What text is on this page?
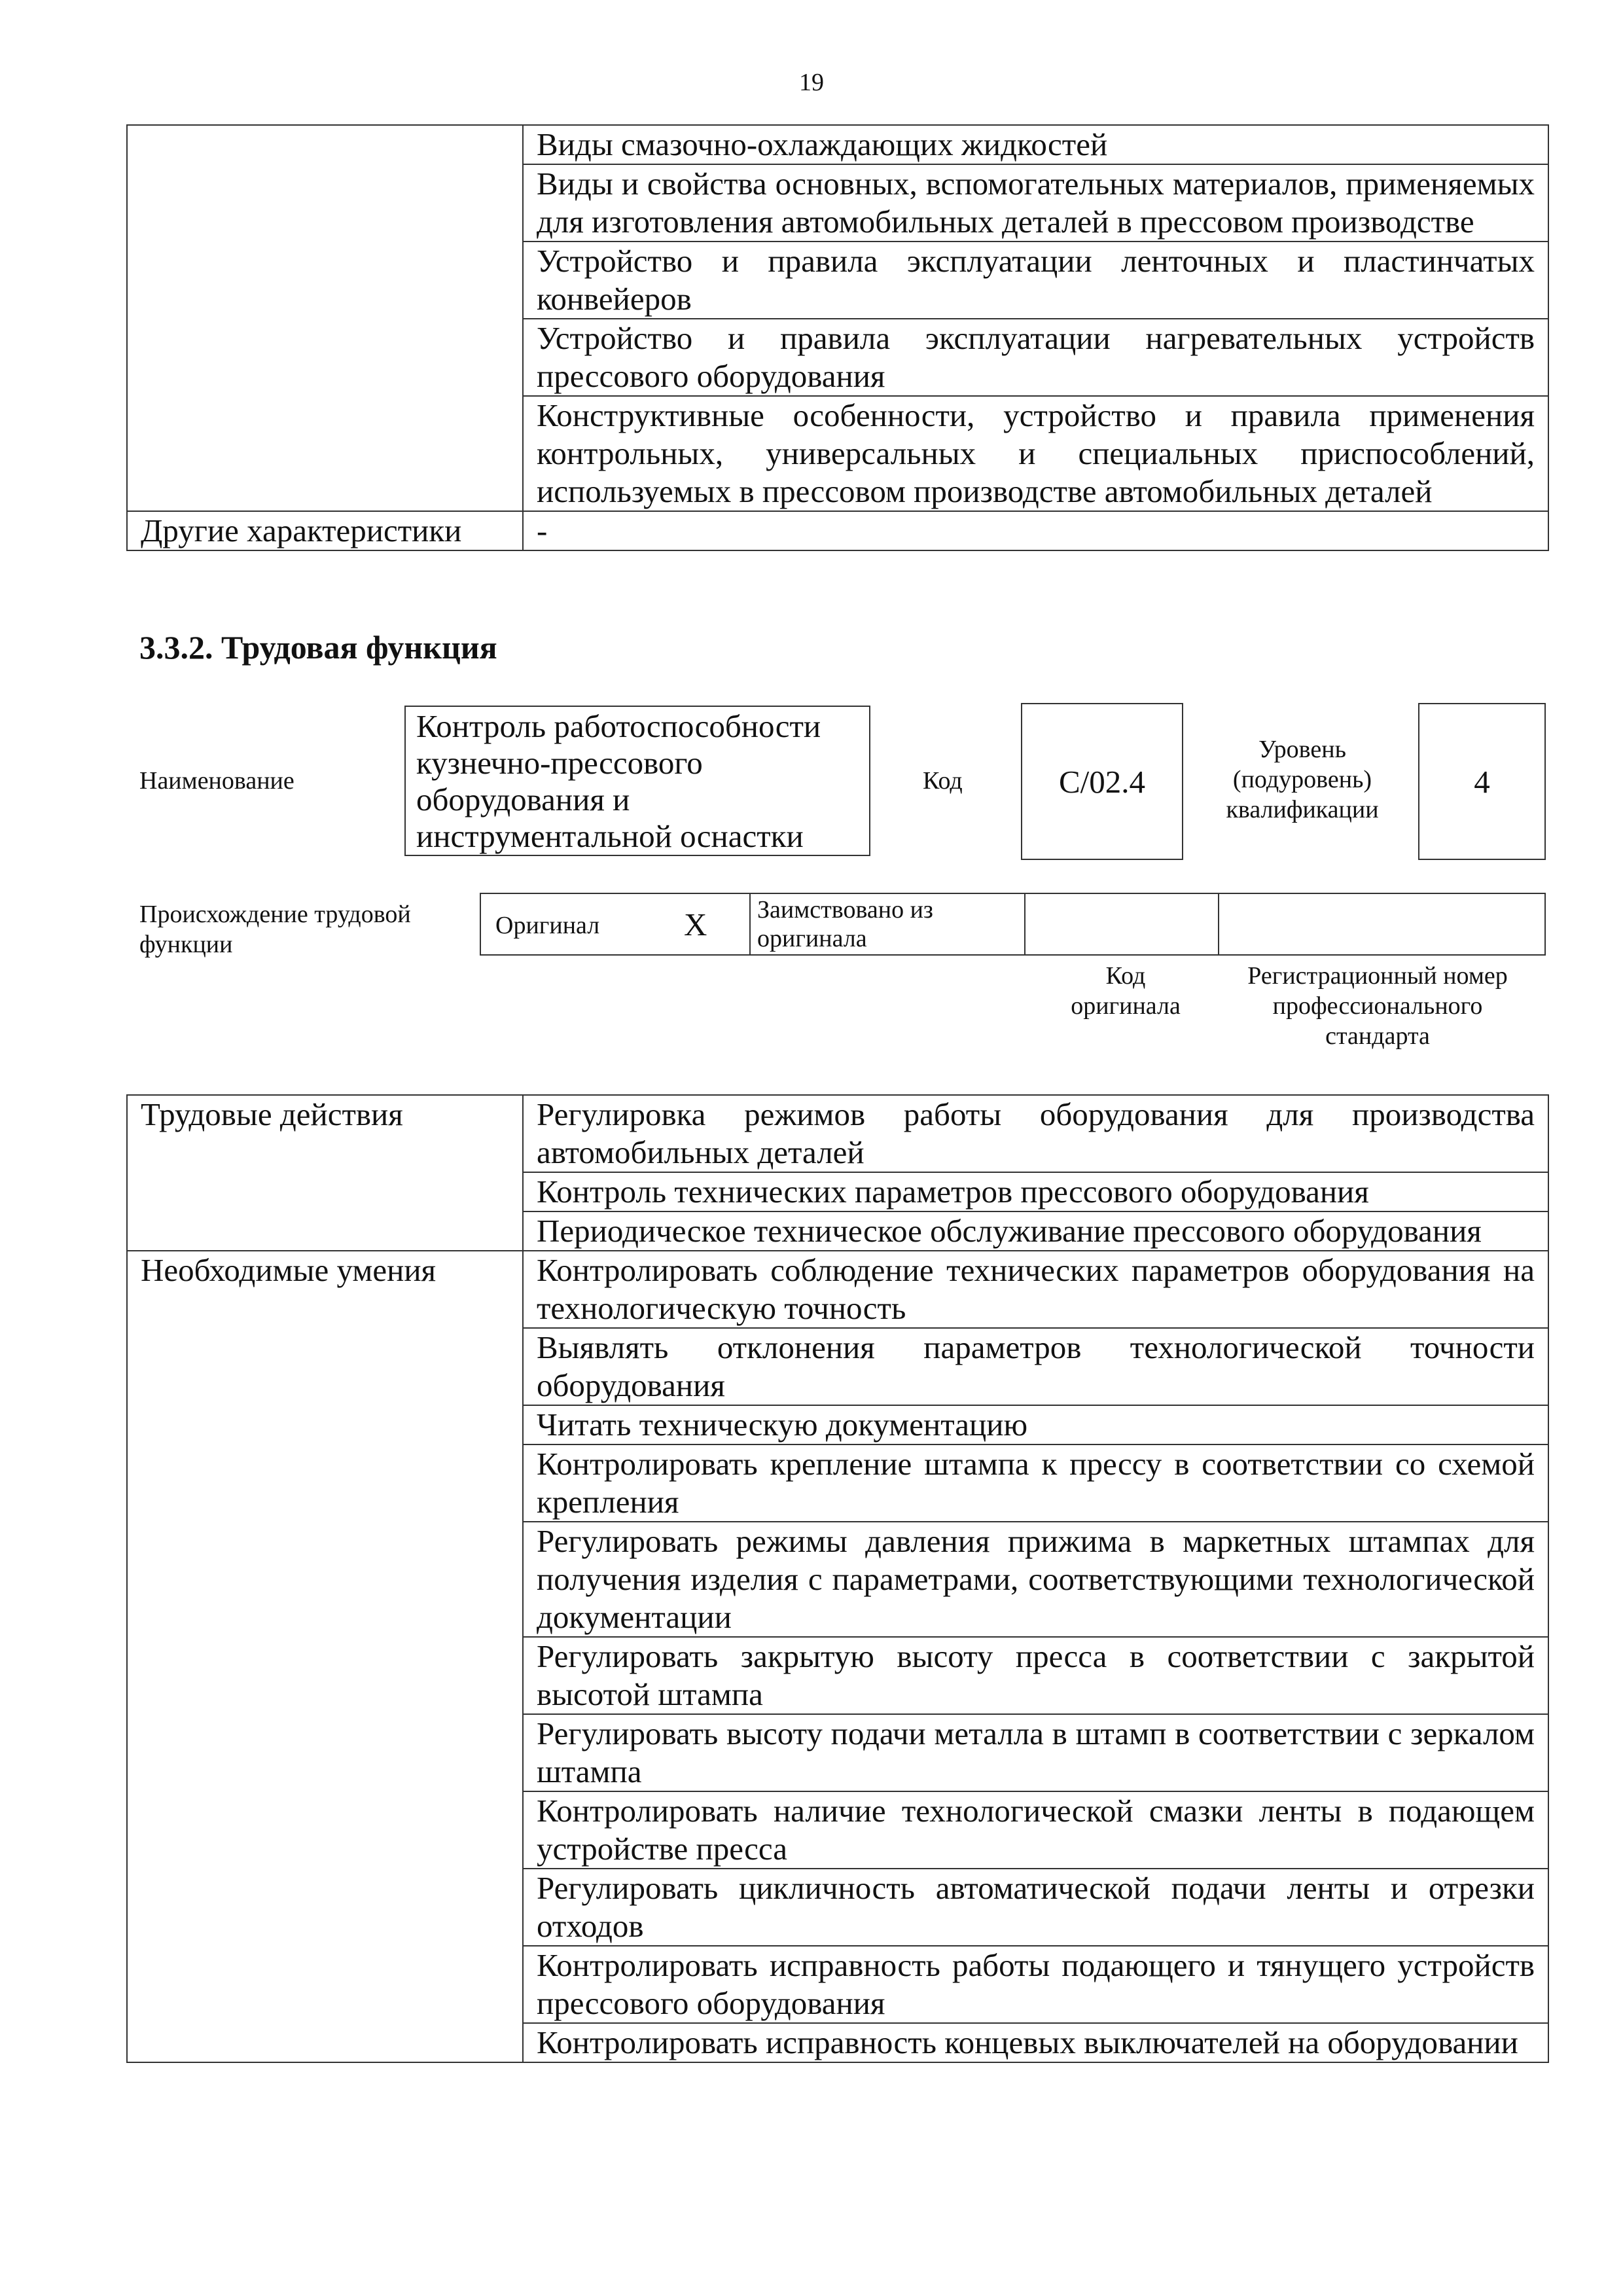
19
	Виды смазочно-охлаждающих жидкостей
	Виды и свойства основных, вспомогательных материалов, применяемых для изготовления автомобильных деталей в прессовом производстве
	Устройство и правила эксплуатации ленточных и пластинчатых конвейеров
	Устройство и правила эксплуатации нагревательных устройств прессового оборудования
	Конструктивные особенности, устройство и правила применения контрольных, универсальных и специальных приспособлений, используемых в прессовом производстве автомобильных деталей
Другие характеристики	-
3.3.2. Трудовая функция
Наименование
Контроль работоспособности кузнечно-прессового оборудования и инструментальной оснастки
Код	C/02.4
Уровень (подуровень) квалификации
4
Происхождение трудовой функции
Оригинал	X Заимствовано из оригинала
Код оригинала
Регистрационный номер профессионального стандарта
Трудовые действия	Регулировка режимов работы оборудования для производства автомобильных деталей
	Контроль технических параметров прессового оборудования
	Периодическое техническое обслуживание прессового оборудования
Необходимые умения	Контролировать соблюдение технических параметров оборудования на технологическую точность
	Выявлять отклонения параметров технологической точности оборудования
	Читать техническую документацию
	Контролировать крепление штампа к прессу в соответствии со схемой крепления
	Регулировать режимы давления прижима в маркетных штампах для получения изделия с параметрами, соответствующими технологической документации
	Регулировать закрытую высоту пресса в соответствии с закрытой высотой штампа
	Регулировать высоту подачи металла в штамп в соответствии с зеркалом штампа
	Контролировать наличие технологической смазки ленты в подающем устройстве пресса
	Регулировать цикличность автоматической подачи ленты и отрезки отходов
	Контролировать исправность работы подающего и тянущего устройств прессового оборудования
	Контролировать исправность концевых выключателей на оборудовании
